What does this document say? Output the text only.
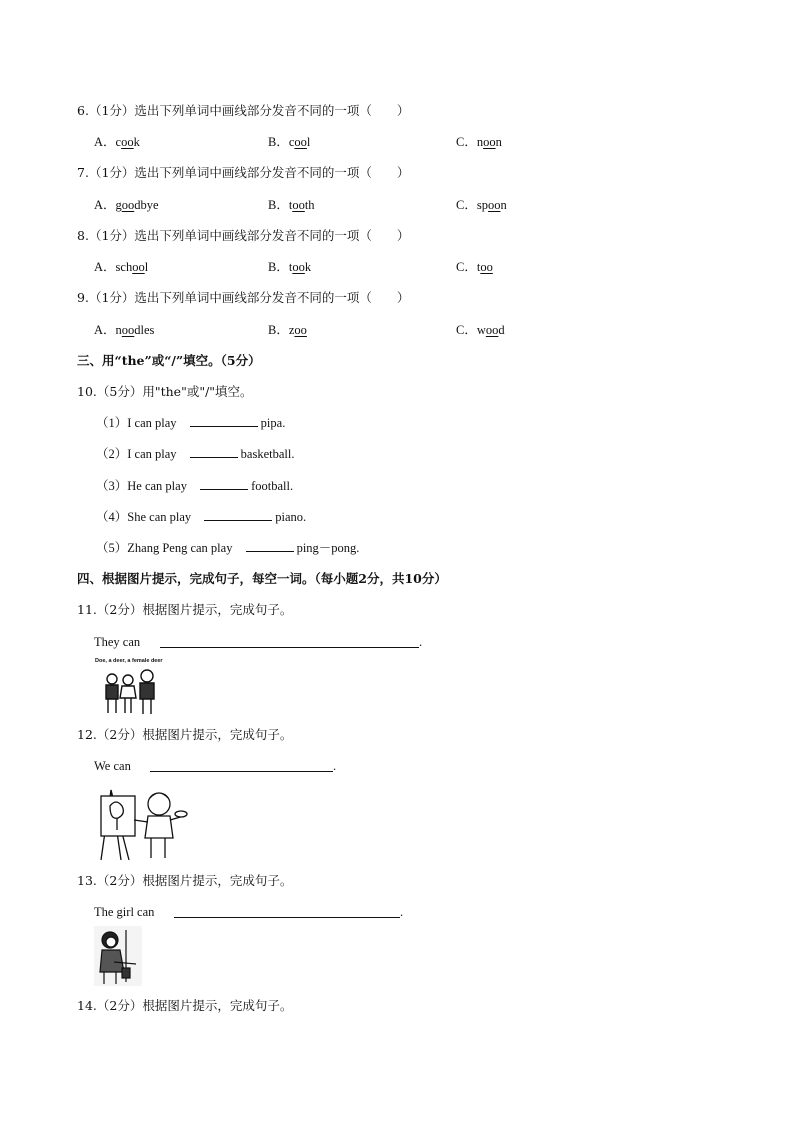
6.（1分）选出下列单词中画线部分发音不同的一项（　　）
A．cook	B．cool	C．noon
7.（1分）选出下列单词中画线部分发音不同的一项（　　）
A．goodbye	B．tooth	C．spoon
8.（1分）选出下列单词中画线部分发音不同的一项（　　）
A．school	B．took	C．too
9.（1分）选出下列单词中画线部分发音不同的一项（　　）
A．noodles	B．zoo	C．wood
三、用“the”或“/”填空。（5分）
10.（5分）用"the"或"/"填空。
（1）I can play	pipa.
（2）I can play	basketball.
（3）He can play	football.
（4）She can play	piano.
（5）Zhang Peng can play	ping－pong.
四、根据图片提示，完成句子，每空一词。（每小题2分，共10分）
11.（2分）根据图片提示，完成句子。
They can	.
Doe, a deer, a female deer
12.（2分）根据图片提示，完成句子。
We can	.
13.（2分）根据图片提示，完成句子。
The girl can	.
14.（2分）根据图片提示，完成句子。
